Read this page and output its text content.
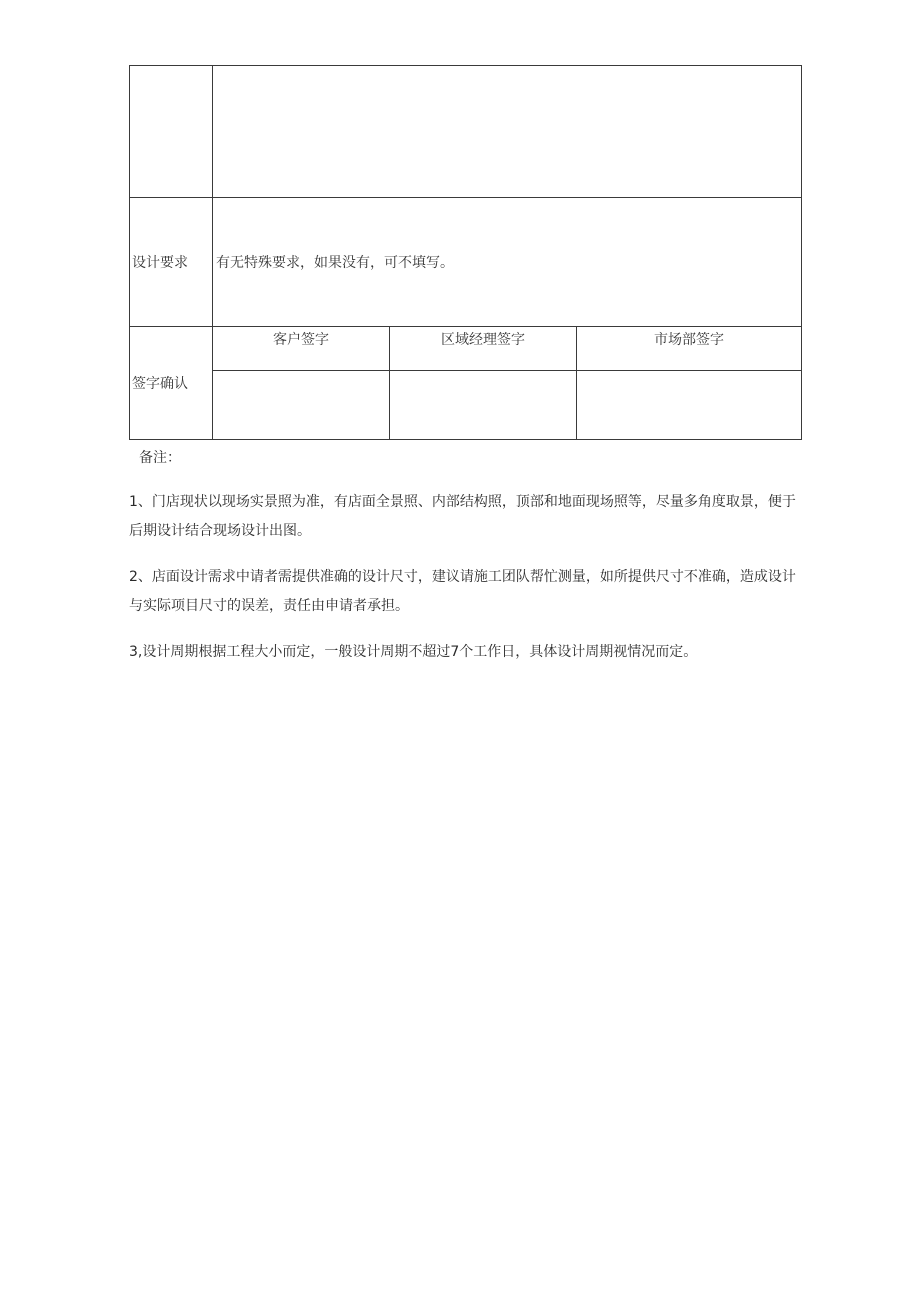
设计要求	有无特殊要求，如果没有，可不填写。		
签字确认	客户签字	区域经理签字	市场部签字

备注：

1、门店现状以现场实景照为准，有店面全景照、内部结构照，顶部和地面现场照等，尽量多角度取景，便于后期设计结合现场设计出图。

2、店面设计需求中请者需提供准确的设计尺寸，建议请施工团队帮忙测量，如所提供尺寸不准确，造成设计与实际项目尺寸的误差，责任由申请者承担。

3,设计周期根据工程大小而定，一般设计周期不超过7个工作日，具体设计周期视情况而定。
